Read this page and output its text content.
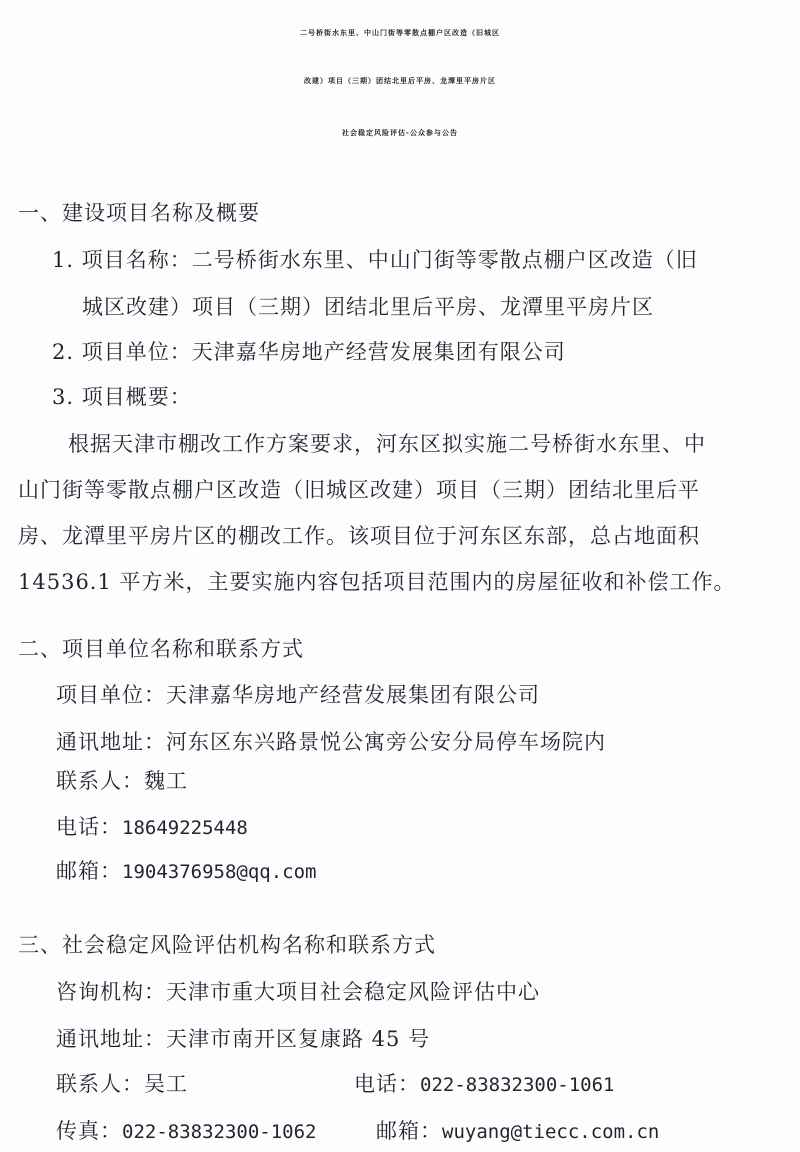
二号桥街水东里、中山门街等零散点棚户区改造（旧城区
改建）项目（三期）团结北里后平房、龙潭里平房片区
社会稳定风险评估-公众参与公告
一、建设项目名称及概要
1. 项目名称：二号桥街水东里、中山门街等零散点棚户区改造（旧
城区改建）项目（三期）团结北里后平房、龙潭里平房片区
2. 项目单位：天津嘉华房地产经营发展集团有限公司
3. 项目概要：
根据天津市棚改工作方案要求，河东区拟实施二号桥街水东里、中
山门街等零散点棚户区改造（旧城区改建）项目（三期）团结北里后平
房、龙潭里平房片区的棚改工作。该项目位于河东区东部，总占地面积
14536.1 平方米，主要实施内容包括项目范围内的房屋征收和补偿工作。
二、项目单位名称和联系方式
项目单位：天津嘉华房地产经营发展集团有限公司
通讯地址：河东区东兴路景悦公寓旁公安分局停车场院内
联系人：魏工
电话：18649225448
邮箱：1904376958@qq.com
三、社会稳定风险评估机构名称和联系方式
咨询机构：天津市重大项目社会稳定风险评估中心
通讯地址：天津市南开区复康路 45 号
联系人：吴工	电话：022-83832300-1061
传真：022-83832300-1062	邮箱：wuyang@tiecc.com.cn
